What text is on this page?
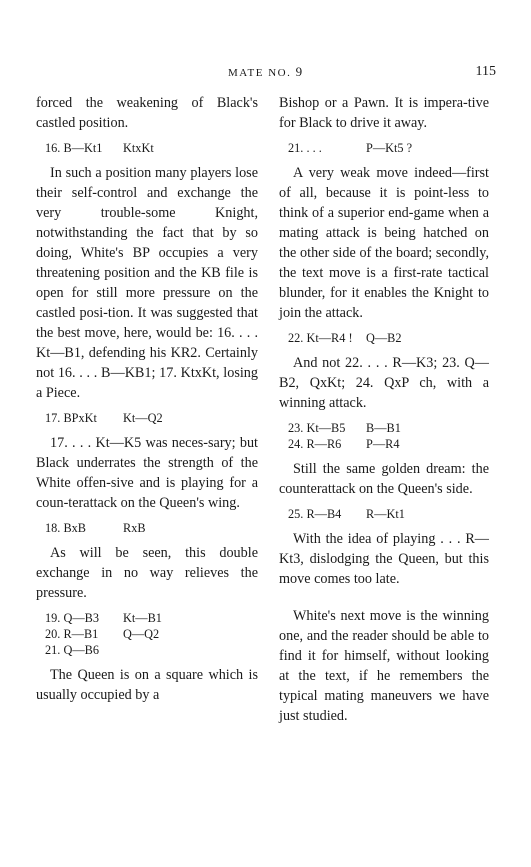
MATE NO. 9	115

forced the weakening of Black's castled position.

16. B—Kt1	KtxKt

In such a position many players lose their self-control and exchange the very trouble-some Knight, notwithstanding the fact that by so doing, White's BP occupies a very threatening position and the KB file is open for still more pressure on the castled posi-tion. It was suggested that the best move, here, would be: 16. . . . Kt—B1, defending his KR2. Certainly not 16. . . . B—KB1; 17. KtxKt, losing a Piece.

17. BPxKt	Kt—Q2

17. . . . Kt—K5 was neces-sary; but Black underrates the strength of the White offen-sive and is playing for a coun-terattack on the Queen's wing.

18. BxB	RxB

As will be seen, this double exchange in no way relieves the pressure.

19. Q—B3	Kt—B1
20. R—B1	Q—Q2
21. Q—B6

The Queen is on a square which is usually occupied by a

Bishop or a Pawn. It is impera-tive for Black to drive it away.

21. . . .	P—Kt5 ?

A very weak move indeed—first of all, because it is point-less to think of a superior end-game when a mating attack is being hatched on the other side of the board; secondly, the text move is a first-rate tactical blunder, for it enables the Knight to join the attack.

22. Kt—R4 !	Q—B2

And not 22. . . . R—K3; 23. Q—B2, QxKt; 24. QxP ch, with a winning attack.

23. Kt—B5	B—B1
24. R—R6	P—R4

Still the same golden dream: the counterattack on the Queen's side.

25. R—B4	R—Kt1

With the idea of playing . . . R—Kt3, dislodging the Queen, but this move comes too late.

White's next move is the winning one, and the reader should be able to find it for himself, without looking at the text, if he remembers the typical mating maneuvers we have just studied.
